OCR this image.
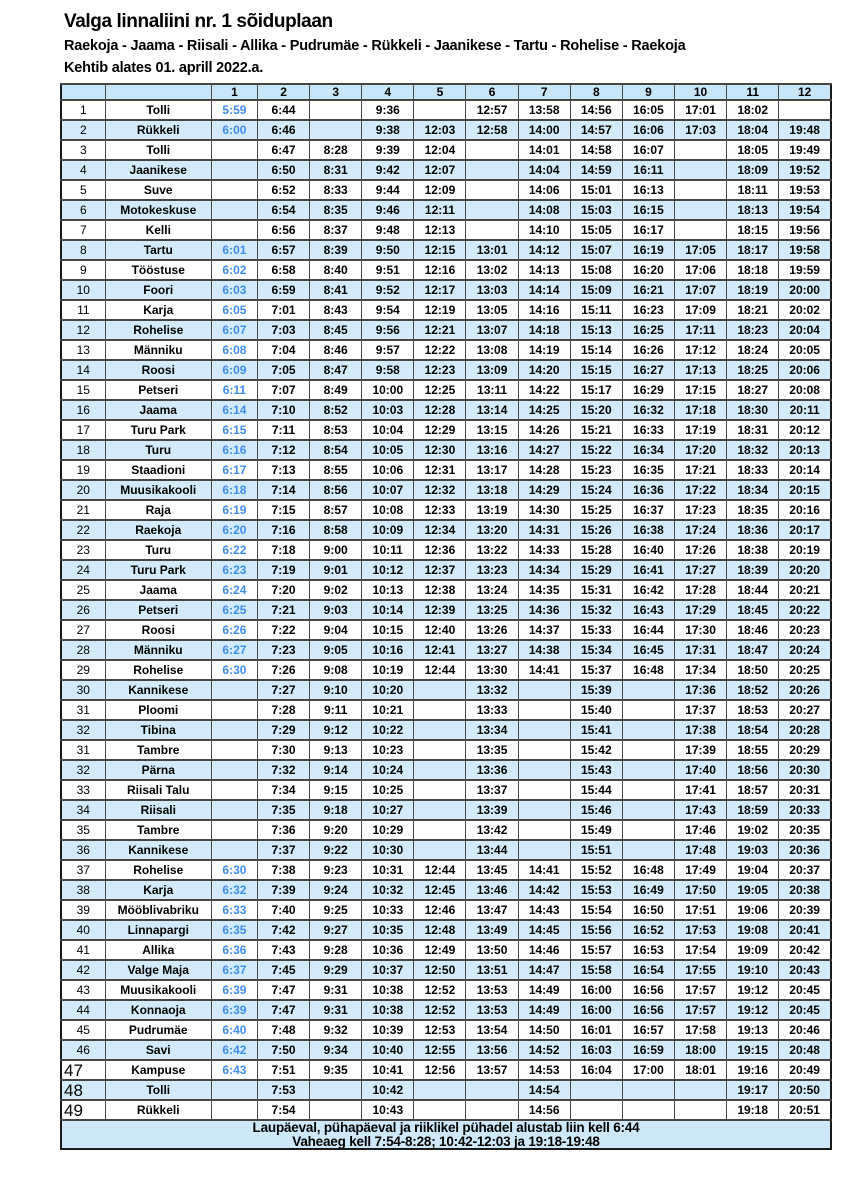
Valga linnaliini nr. 1 sõiduplaan
Raekoja - Jaama - Riisali - Allika - Pudrumäe - Rükkeli - Jaanikese - Tartu - Rohelise - Raekoja
Kehtib alates 01. aprill 2022.a.
		1	2	3	4	5	6	7	8	9	10	11	12
1	Tolli	5:59	6:44		9:36		12:57	13:58	14:56	16:05	17:01	18:02	
2	Rükkeli	6:00	6:46		9:38	12:03	12:58	14:00	14:57	16:06	17:03	18:04	19:48
3	Tolli		6:47	8:28	9:39	12:04		14:01	14:58	16:07		18:05	19:49
4	Jaanikese		6:50	8:31	9:42	12:07		14:04	14:59	16:11		18:09	19:52
5	Suve		6:52	8:33	9:44	12:09		14:06	15:01	16:13		18:11	19:53
6	Motokeskuse		6:54	8:35	9:46	12:11		14:08	15:03	16:15		18:13	19:54
7	Kelli		6:56	8:37	9:48	12:13		14:10	15:05	16:17		18:15	19:56
8	Tartu	6:01	6:57	8:39	9:50	12:15	13:01	14:12	15:07	16:19	17:05	18:17	19:58
9	Tööstuse	6:02	6:58	8:40	9:51	12:16	13:02	14:13	15:08	16:20	17:06	18:18	19:59
10	Foori	6:03	6:59	8:41	9:52	12:17	13:03	14:14	15:09	16:21	17:07	18:19	20:00
11	Karja	6:05	7:01	8:43	9:54	12:19	13:05	14:16	15:11	16:23	17:09	18:21	20:02
12	Rohelise	6:07	7:03	8:45	9:56	12:21	13:07	14:18	15:13	16:25	17:11	18:23	20:04
13	Männiku	6:08	7:04	8:46	9:57	12:22	13:08	14:19	15:14	16:26	17:12	18:24	20:05
14	Roosi	6:09	7:05	8:47	9:58	12:23	13:09	14:20	15:15	16:27	17:13	18:25	20:06
15	Petseri	6:11	7:07	8:49	10:00	12:25	13:11	14:22	15:17	16:29	17:15	18:27	20:08
16	Jaama	6:14	7:10	8:52	10:03	12:28	13:14	14:25	15:20	16:32	17:18	18:30	20:11
17	Turu Park	6:15	7:11	8:53	10:04	12:29	13:15	14:26	15:21	16:33	17:19	18:31	20:12
18	Turu	6:16	7:12	8:54	10:05	12:30	13:16	14:27	15:22	16:34	17:20	18:32	20:13
19	Staadioni	6:17	7:13	8:55	10:06	12:31	13:17	14:28	15:23	16:35	17:21	18:33	20:14
20	Muusikakooli	6:18	7:14	8:56	10:07	12:32	13:18	14:29	15:24	16:36	17:22	18:34	20:15
21	Raja	6:19	7:15	8:57	10:08	12:33	13:19	14:30	15:25	16:37	17:23	18:35	20:16
22	Raekoja	6:20	7:16	8:58	10:09	12:34	13:20	14:31	15:26	16:38	17:24	18:36	20:17
23	Turu	6:22	7:18	9:00	10:11	12:36	13:22	14:33	15:28	16:40	17:26	18:38	20:19
24	Turu Park	6:23	7:19	9:01	10:12	12:37	13:23	14:34	15:29	16:41	17:27	18:39	20:20
25	Jaama	6:24	7:20	9:02	10:13	12:38	13:24	14:35	15:31	16:42	17:28	18:44	20:21
26	Petseri	6:25	7:21	9:03	10:14	12:39	13:25	14:36	15:32	16:43	17:29	18:45	20:22
27	Roosi	6:26	7:22	9:04	10:15	12:40	13:26	14:37	15:33	16:44	17:30	18:46	20:23
28	Männiku	6:27	7:23	9:05	10:16	12:41	13:27	14:38	15:34	16:45	17:31	18:47	20:24
29	Rohelise	6:30	7:26	9:08	10:19	12:44	13:30	14:41	15:37	16:48	17:34	18:50	20:25
30	Kannikese		7:27	9:10	10:20		13:32		15:39		17:36	18:52	20:26
31	Ploomi		7:28	9:11	10:21		13:33		15:40		17:37	18:53	20:27
32	Tibina		7:29	9:12	10:22		13:34		15:41		17:38	18:54	20:28
31	Tambre		7:30	9:13	10:23		13:35		15:42		17:39	18:55	20:29
32	Pärna		7:32	9:14	10:24		13:36		15:43		17:40	18:56	20:30
33	Riisali Talu		7:34	9:15	10:25		13:37		15:44		17:41	18:57	20:31
34	Riisali		7:35	9:18	10:27		13:39		15:46		17:43	18:59	20:33
35	Tambre		7:36	9:20	10:29		13:42		15:49		17:46	19:02	20:35
36	Kannikese		7:37	9:22	10:30		13:44		15:51		17:48	19:03	20:36
37	Rohelise	6:30	7:38	9:23	10:31	12:44	13:45	14:41	15:52	16:48	17:49	19:04	20:37
38	Karja	6:32	7:39	9:24	10:32	12:45	13:46	14:42	15:53	16:49	17:50	19:05	20:38
39	Mööblivabriku	6:33	7:40	9:25	10:33	12:46	13:47	14:43	15:54	16:50	17:51	19:06	20:39
40	Linnapargi	6:35	7:42	9:27	10:35	12:48	13:49	14:45	15:56	16:52	17:53	19:08	20:41
41	Allika	6:36	7:43	9:28	10:36	12:49	13:50	14:46	15:57	16:53	17:54	19:09	20:42
42	Valge Maja	6:37	7:45	9:29	10:37	12:50	13:51	14:47	15:58	16:54	17:55	19:10	20:43
43	Muusikakooli	6:39	7:47	9:31	10:38	12:52	13:53	14:49	16:00	16:56	17:57	19:12	20:45
44	Konnaoja	6:39	7:47	9:31	10:38	12:52	13:53	14:49	16:00	16:56	17:57	19:12	20:45
45	Pudrumäe	6:40	7:48	9:32	10:39	12:53	13:54	14:50	16:01	16:57	17:58	19:13	20:46
46	Savi	6:42	7:50	9:34	10:40	12:55	13:56	14:52	16:03	16:59	18:00	19:15	20:48
47	Kampuse	6:43	7:51	9:35	10:41	12:56	13:57	14:53	16:04	17:00	18:01	19:16	20:49
48	Tolli		7:53		10:42			14:54				19:17	20:50
49	Rükkeli		7:54		10:43			14:56				19:18	20:51

Laupäeval, pühapäeval ja riiklikel pühadel alustab liin kell 6:44
Vaheaeg kell 7:54-8:28; 10:42-12:03 ja 19:18-19:48													
